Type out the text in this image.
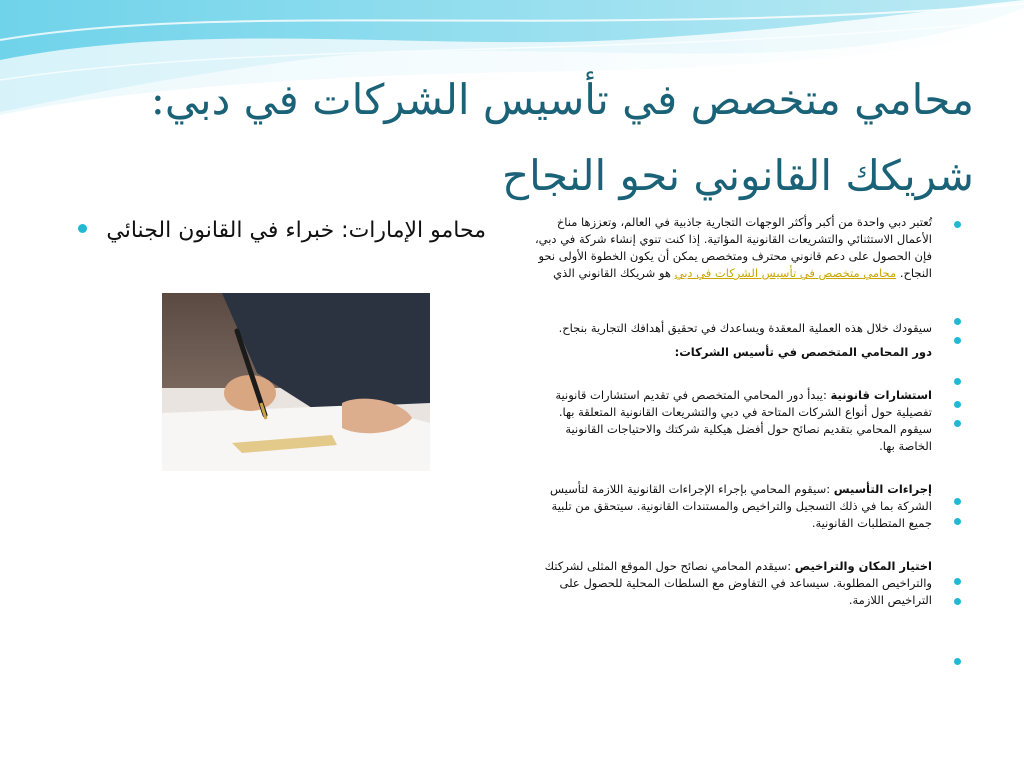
محامي متخصص في تأسيس الشركات في دبي: شريكك القانوني نحو النجاح
محامو الإمارات: خبراء في القانون الجنائي	تُعتبر دبي واحدة من أكبر وأكثر الوجهات التجارية جاذبية في العالم، وتعززها مناخ الأعمال الاستثنائي والتشريعات القانونية المؤاتية. إذا كنت تنوي إنشاء شركة في دبي، فإن الحصول على دعم قانوني محترف ومتخصص يمكن أن يكون الخطوة الأولى نحو النجاح. محامي متخصص في تأسيس الشركات في دبي هو شريكك القانوني الذي

سيقودك خلال هذه العملية المعقدة ويساعدك في تحقيق أهدافك التجارية بنجاح.

دور المحامي المتخصص في تأسيس الشركات:

استشارات قانونية :يبدأ دور المحامي المتخصص في تقديم استشارات قانونية تفصيلية حول أنواع الشركات المتاحة في دبي والتشريعات القانونية المتعلقة بها. سيقوم المحامي بتقديم نصائح حول أفضل هيكلية شركتك والاحتياجات القانونية الخاصة بها.

إجراءات التأسيس :سيقوم المحامي بإجراء الإجراءات القانونية اللازمة لتأسيس الشركة بما في ذلك التسجيل والتراخيص والمستندات القانونية. سيتحقق من تلبية جميع المتطلبات القانونية.

اختيار المكان والتراخيص :سيقدم المحامي نصائح حول الموقع المثلى لشركتك والتراخيص المطلوبة. سيساعد في التفاوض مع السلطات المحلية للحصول على التراخيص اللازمة.
